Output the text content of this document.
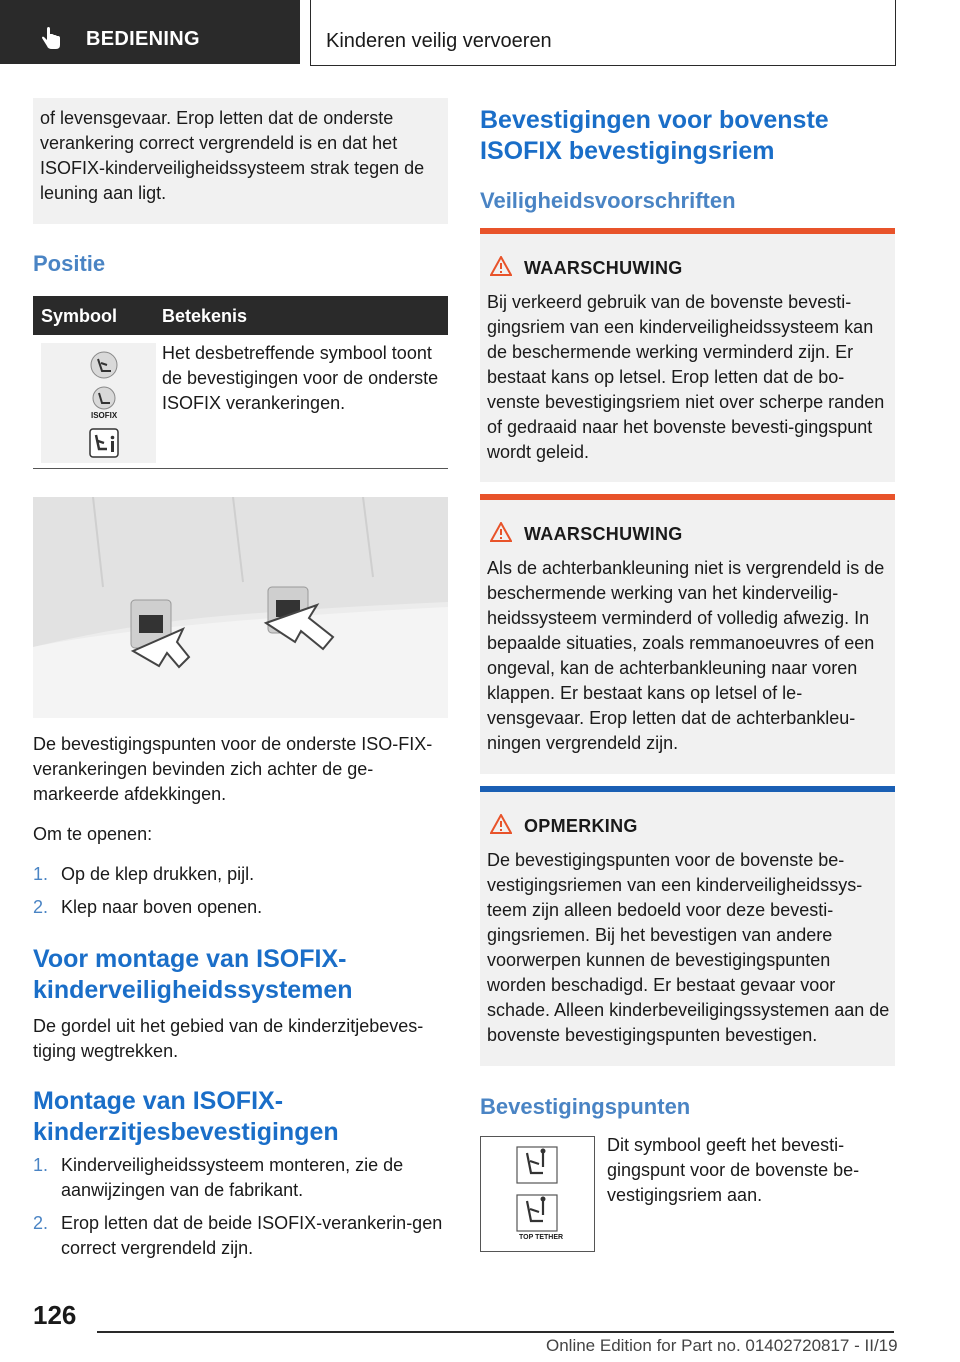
BEDIENING	Kinderen veilig vervoeren
of levensgevaar. Erop letten dat de onderste verankering correct vergrendeld is en dat het ISOFIX-kinderveiligheidssysteem strak tegen de leuning aan ligt.
Positie
Symbool Betekenis
ISOFIX
Het desbetreffende symbool toont de bevestigingen voor de onderste ISOFIX verankeringen.
De bevestigingspunten voor de onderste ISO-FIX-verankeringen bevinden zich achter de ge-markeerde afdekkingen.
Om te openen:
1. Op de klep drukken, pijl.
2. Klep naar boven openen.
Voor montage van ISOFIX-kinderveiligheidssystemen
De gordel uit het gebied van de kinderzitjebeves-tiging wegtrekken.
Montage van ISOFIX-kinderzitjesbevestigingen
1. Kinderveiligheidssysteem monteren, zie de aanwijzingen van de fabrikant.
2. Erop letten dat de beide ISOFIX-verankerin-gen correct vergrendeld zijn.
Bevestigingen voor bovenste ISOFIX bevestigingsriem
Veiligheidsvoorschriften
WAARSCHUWING
Bij verkeerd gebruik van de bovenste bevesti-gingsriem van een kinderveiligheidssysteem kan de beschermende werking verminderd zijn. Er bestaat kans op letsel. Erop letten dat de bo-venste bevestigingsriem niet over scherpe randen of gedraaid naar het bovenste bevesti-gingspunt wordt geleid.
WAARSCHUWING
Als de achterbankleuning niet is vergrendeld is de beschermende werking van het kinderveilig-heidssysteem verminderd of volledig afwezig. In bepaalde situaties, zoals remmanoeuvres of een ongeval, kan de achterbankleuning naar voren klappen. Er bestaat kans op letsel of le-vensgevaar. Erop letten dat de achterbankleu-ningen vergrendeld zijn.
OPMERKING
De bevestigingspunten voor de bovenste be-vestigingsriemen van een kinderveiligheidssys-teem zijn alleen bedoeld voor deze bevesti-gingsriemen. Bij het bevestigen van andere voorwerpen kunnen de bevestigingspunten worden beschadigd. Er bestaat gevaar voor schade. Alleen kinderbeveiligingssystemen aan de bovenste bevestigingspunten bevestigen.
Bevestigingspunten
TOP TETHER
Dit symbool geeft het bevesti-gingspunt voor de bovenste be-vestigingsriem aan.
126
Online Edition for Part no. 01402720817 - II/19
